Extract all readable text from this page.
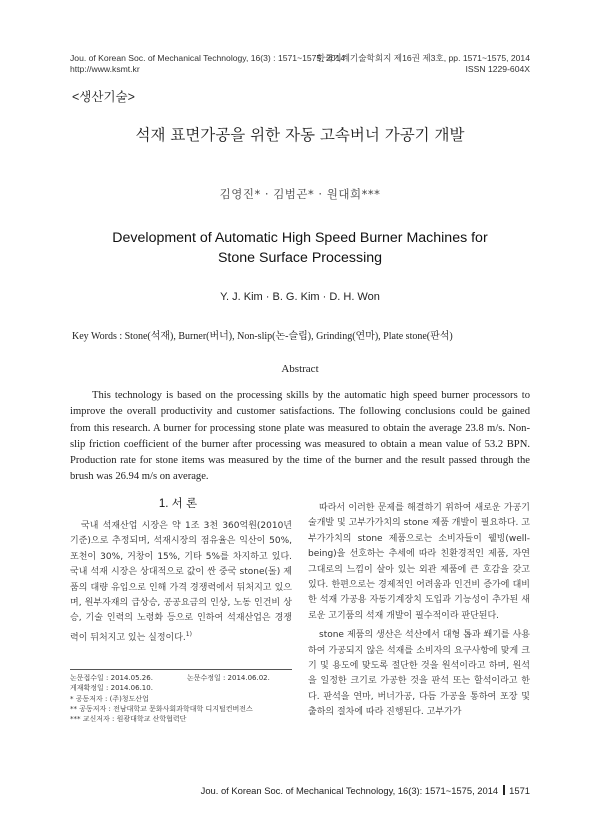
Jou. of Korean Soc. of Mechanical Technology, 16(3) : 1571~1575, 2014
http://www.ksmt.kr
한국기계기술학회지 제16권 제3호, pp. 1571~1575, 2014
ISSN 1229-604X
<생산기술>
석재 표면가공을 위한 자동 고속버너 가공기 개발
김영진* · 김범곤* · 원대희***
Development of Automatic High Speed Burner Machines for
Stone Surface Processing
Y. J. Kim · B. G. Kim · D. H. Won
Key Words : Stone(석재), Burner(버너), Non-slip(논-슬립), Grinding(연마), Plate stone(판석)
Abstract

This technology is based on the processing skills by the automatic high speed burner processors to improve the overall productivity and customer satisfactions. The following conclusions could be gained from this research. A burner for processing stone plate was measured to obtain the average 23.8 m/s. Non-slip friction coefficient of the burner after processing was measured to obtain a mean value of 53.2 BPN. Production rate for stone items was measured by the time of the burner and the result passed through the brush was 26.94 m/s on average.

1. 서 론

국내 석재산업 시장은 약 1조 3천 360억원(2010년 기준)으로 추정되며, 석재시장의 점유율은 익산이 50%, 포천이 30%, 거창이 15%, 기타 5%를 차지하고 있다. 국내 석재 시장은 상대적으로 값이 싼 중국 stone(돌) 제품의 대량 유입으로 인해 가격 경쟁력에서 뒤처지고 있으며, 원부자재의 급상승, 공공요금의 인상, 노동 인건비 상승, 기술 인력의 노령화 등으로 인하여 석재산업은 경쟁력이 뒤처지고 있는 실정이다.$^{1)}$

따라서 이러한 문제를 해결하기 위하여 새로운 가공기술개발 및 고부가가치의 stone 제품 개발이 필요하다. 고부가가치의 stone 제품으로는 소비자들이 웰빙(well-being)을 선호하는 추세에 따라 친환경적인 제품, 자연 그대로의 느낌이 살아 있는 외관 제품에 큰 호감을 갖고 있다. 한편으로는 경제적인 어려움과 인건비 증가에 대비한 석재 가공용 자동기계장치 도입과 기능성이 추가된 새로운 고기품의 석재 개발이 필수적이라 판단된다.

stone 제품의 생산은 석산에서 대형 톱과 쐐기를 사용하여 가공되지 않은 석재를 소비자의 요구사항에 맞게 크기 및 용도에 맞도록 절단한 것을 원석이라고 하며, 원석을 일정한 크기로 가공한 것을 판석 또는 할석이라고 한다. 판석을 연마, 버너가공, 다듬 가공을 통하여 포장 및 출하의 절차에 따라 진행된다. 고부가가

논문접수일 : 2014.05.26.	논문수정일 : 2014.06.02.
게재확정일 : 2014.06.10.
* 공동저자 : (주)청도산업
** 공동저자 : 전남대학교 문화사회과학대학 디지털컨버전스
*** 교신저자 : 원광대학교 산학협력단
Jou. of Korean Soc. of Mechanical Technology, 16(3): 1571~1575, 2014 1571
